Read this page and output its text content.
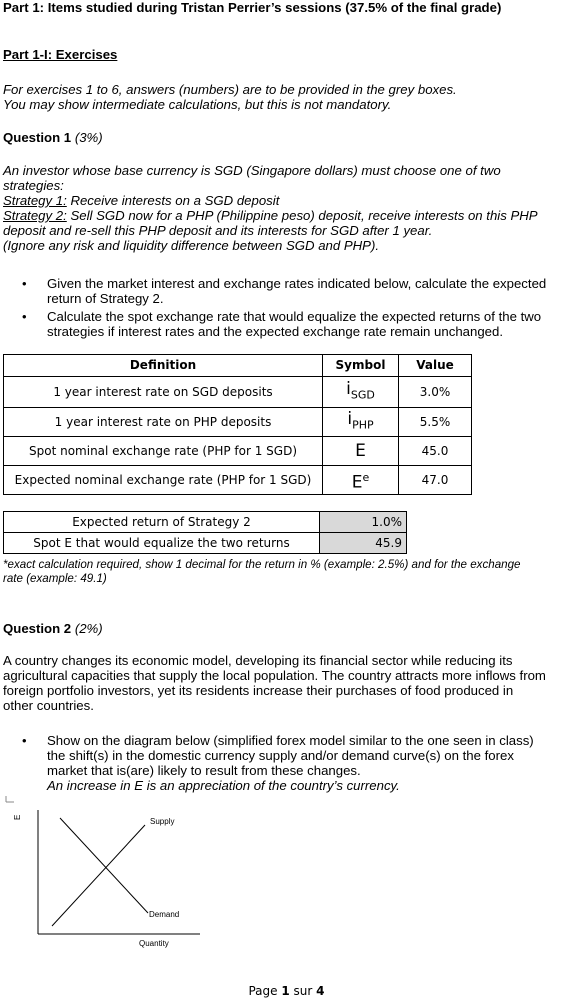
Part 1: Items studied during Tristan Perrier’s sessions (37.5% of the final grade)
Part 1-I: Exercises
For exercises 1 to 6, answers (numbers) are to be provided in the grey boxes.
You may show intermediate calculations, but this is not mandatory.
Question 1 (3%)
An investor whose base currency is SGD (Singapore dollars) must choose one of two
strategies:
Strategy 1: Receive interests on a SGD deposit
Strategy 2: Sell SGD now for a PHP (Philippine peso) deposit, receive interests on this PHP
deposit and re-sell this PHP deposit and its interests for SGD after 1 year.
(Ignore any risk and liquidity difference between SGD and PHP).
• Given the market interest and exchange rates indicated below, calculate the expected
return of Strategy 2.
• Calculate the spot exchange rate that would equalize the expected returns of the two
strategies if interest rates and the expected exchange rate remain unchanged.
Definition	Symbol	Value
1 year interest rate on SGD deposits	$i_{SGD}$	3.0%
1 year interest rate on PHP deposits	$i_{PHP}$	5.5%
Spot nominal exchange rate (PHP for 1 SGD)	E	45.0
Expected nominal exchange rate (PHP for 1 SGD)	$E^e$	47.0
Expected return of Strategy 2	1.0%
Spot E that would equalize the two returns	45.9
*exact calculation required, show 1 decimal for the return in % (example: 2.5%) and for the exchange
rate (example: 49.1)
Question 2 (2%)
A country changes its economic model, developing its financial sector while reducing its
agricultural capacities that supply the local population. The country attracts more inflows from
foreign portfolio investors, yet its residents increase their purchases of food produced in
other countries.
• Show on the diagram below (simplified forex model similar to the one seen in class)
the shift(s) in the domestic currency supply and/or demand curve(s) on the forex
market that is(are) likely to result from these changes.
An increase in E is an appreciation of the country’s currency.
E	Supply
Demand
Quantity
Page 1 sur 4
